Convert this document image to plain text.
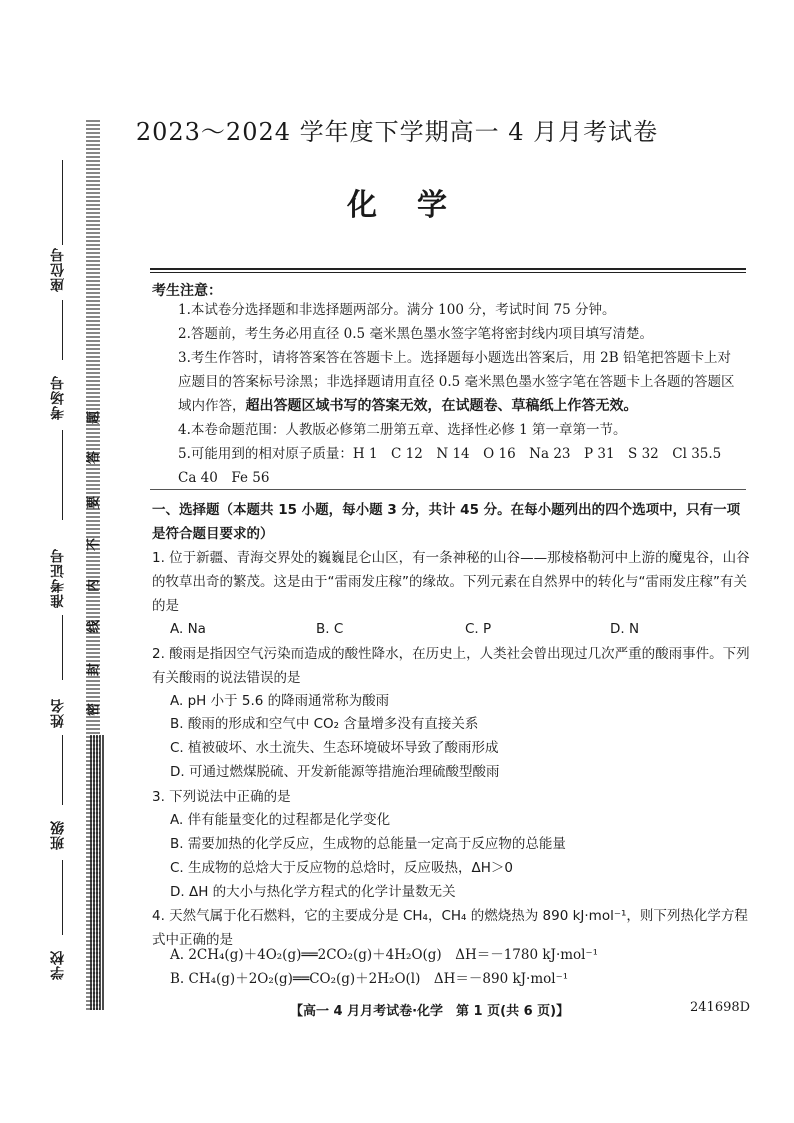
座位号
考场号
准考证号
姓名
班级
学校
题
答
要
不
内
线
封
密
2023～2024 学年度下学期高一 4 月月考试卷
化学
考生注意：
1.本试卷分选择题和非选择题两部分。满分 100 分，考试时间 75 分钟。
2.答题前，考生务必用直径 0.5 毫米黑色墨水签字笔将密封线内项目填写清楚。
3.考生作答时，请将答案答在答题卡上。选择题每小题选出答案后，用 2B 铅笔把答题卡上对应题目的答案标号涂黑；非选择题请用直径 0.5 毫米黑色墨水签字笔在答题卡上各题的答题区域内作答，超出答题区域书写的答案无效，在试题卷、草稿纸上作答无效。
4.本卷命题范围：人教版必修第二册第五章、选择性必修 1 第一章第一节。
5.可能用到的相对原子质量：H 1　C 12　N 14　O 16　Na 23　P 31　S 32　Cl 35.5　Ca 40　Fe 56
一、选择题（本题共 15 小题，每小题 3 分，共计 45 分。在每小题列出的四个选项中，只有一项是符合题目要求的）
1. 位于新疆、青海交界处的巍巍昆仑山区，有一条神秘的山谷——那棱格勒河中上游的魔鬼谷，山谷的牧草出奇的繁茂。这是由于“雷雨发庄稼”的缘故。下列元素在自然界中的转化与“雷雨发庄稼”有关的是
A. Na	B. C	C. P	D. N
2. 酸雨是指因空气污染而造成的酸性降水，在历史上，人类社会曾出现过几次严重的酸雨事件。下列有关酸雨的说法错误的是
A. pH 小于 5.6 的降雨通常称为酸雨
B. 酸雨的形成和空气中 CO₂ 含量增多没有直接关系
C. 植被破坏、水土流失、生态环境破坏导致了酸雨形成
D. 可通过燃煤脱硫、开发新能源等措施治理硫酸型酸雨
3. 下列说法中正确的是
A. 伴有能量变化的过程都是化学变化
B. 需要加热的化学反应，生成物的总能量一定高于反应物的总能量
C. 生成物的总焓大于反应物的总焓时，反应吸热，ΔH＞0
D. ΔH 的大小与热化学方程式的化学计量数无关
4. 天然气属于化石燃料，它的主要成分是 CH₄，CH₄ 的燃烧热为 890 kJ·mol⁻¹，则下列热化学方程式中正确的是
A. 2CH₄(g)＋4O₂(g)══2CO₂(g)＋4H₂O(g)　ΔH＝－1780 kJ·mol⁻¹
B. CH₄(g)＋2O₂(g)══CO₂(g)＋2H₂O(l)　ΔH＝－890 kJ·mol⁻¹
【高一 4 月月考试卷·化学　第 1 页(共 6 页)】	241698D
